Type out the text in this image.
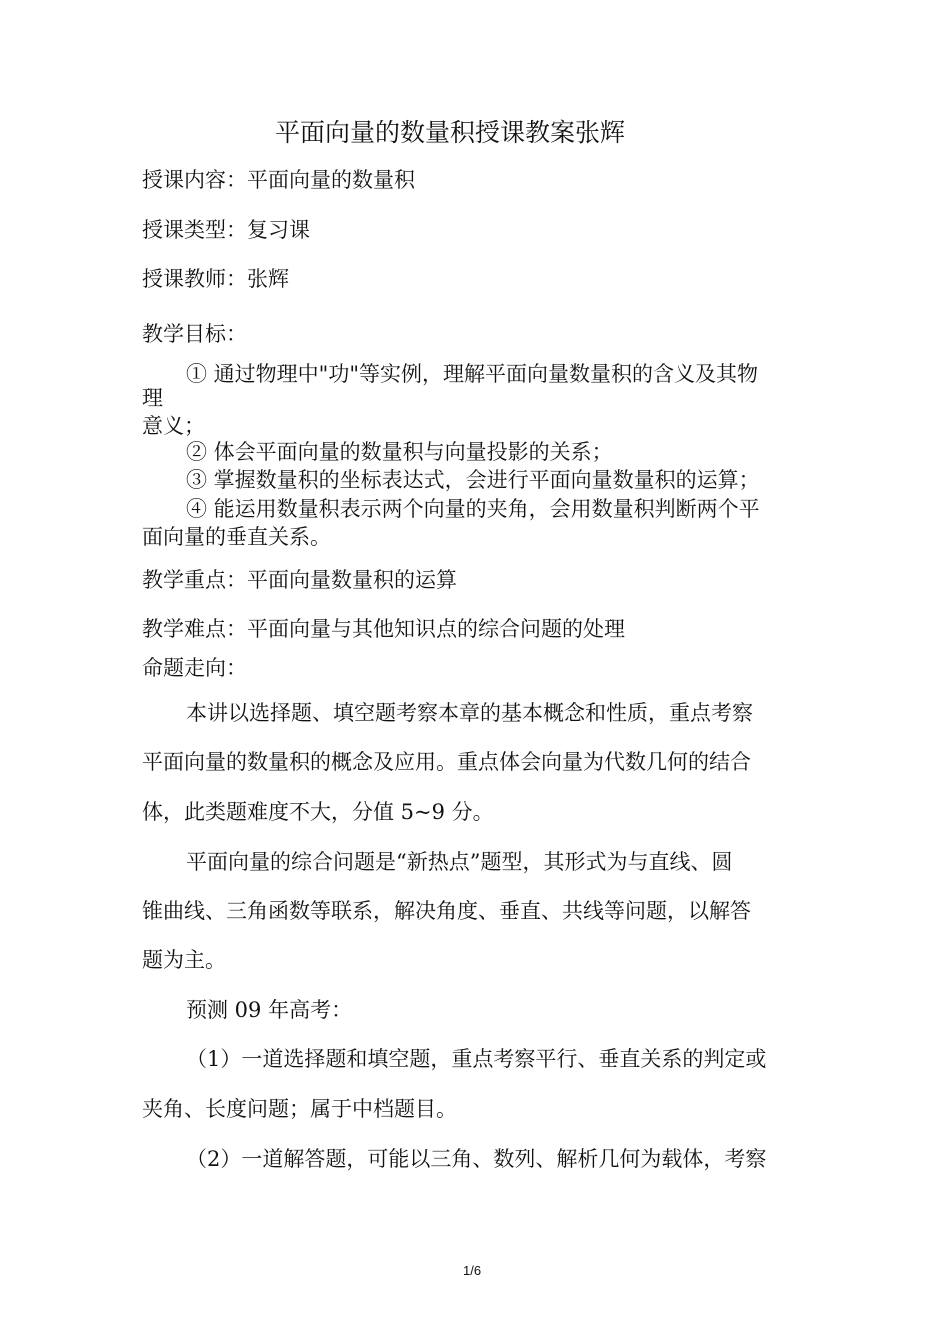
平面向量的数量积授课教案张辉
授课内容：平面向量的数量积
授课类型：复习课
授课教师：张辉
教学目标：
① 通过物理中"功"等实例，理解平面向量数量积的含义及其物
理
意义；
② 体会平面向量的数量积与向量投影的关系；
③ 掌握数量积的坐标表达式，会进行平面向量数量积的运算；
④ 能运用数量积表示两个向量的夹角，会用数量积判断两个平
面向量的垂直关系。
教学重点：平面向量数量积的运算
教学难点：平面向量与其他知识点的综合问题的处理
命题走向：
本讲以选择题、填空题考察本章的基本概念和性质，重点考察
平面向量的数量积的概念及应用。重点体会向量为代数几何的结合
体，此类题难度不大，分值 5~9 分。
平面向量的综合问题是“新热点”题型，其形式为与直线、圆
锥曲线、三角函数等联系，解决角度、垂直、共线等问题，以解答
题为主。
预测 09 年高考：
（1）一道选择题和填空题，重点考察平行、垂直关系的判定或
夹角、长度问题；属于中档题目。
（2）一道解答题，可能以三角、数列、解析几何为载体，考察
1/6
